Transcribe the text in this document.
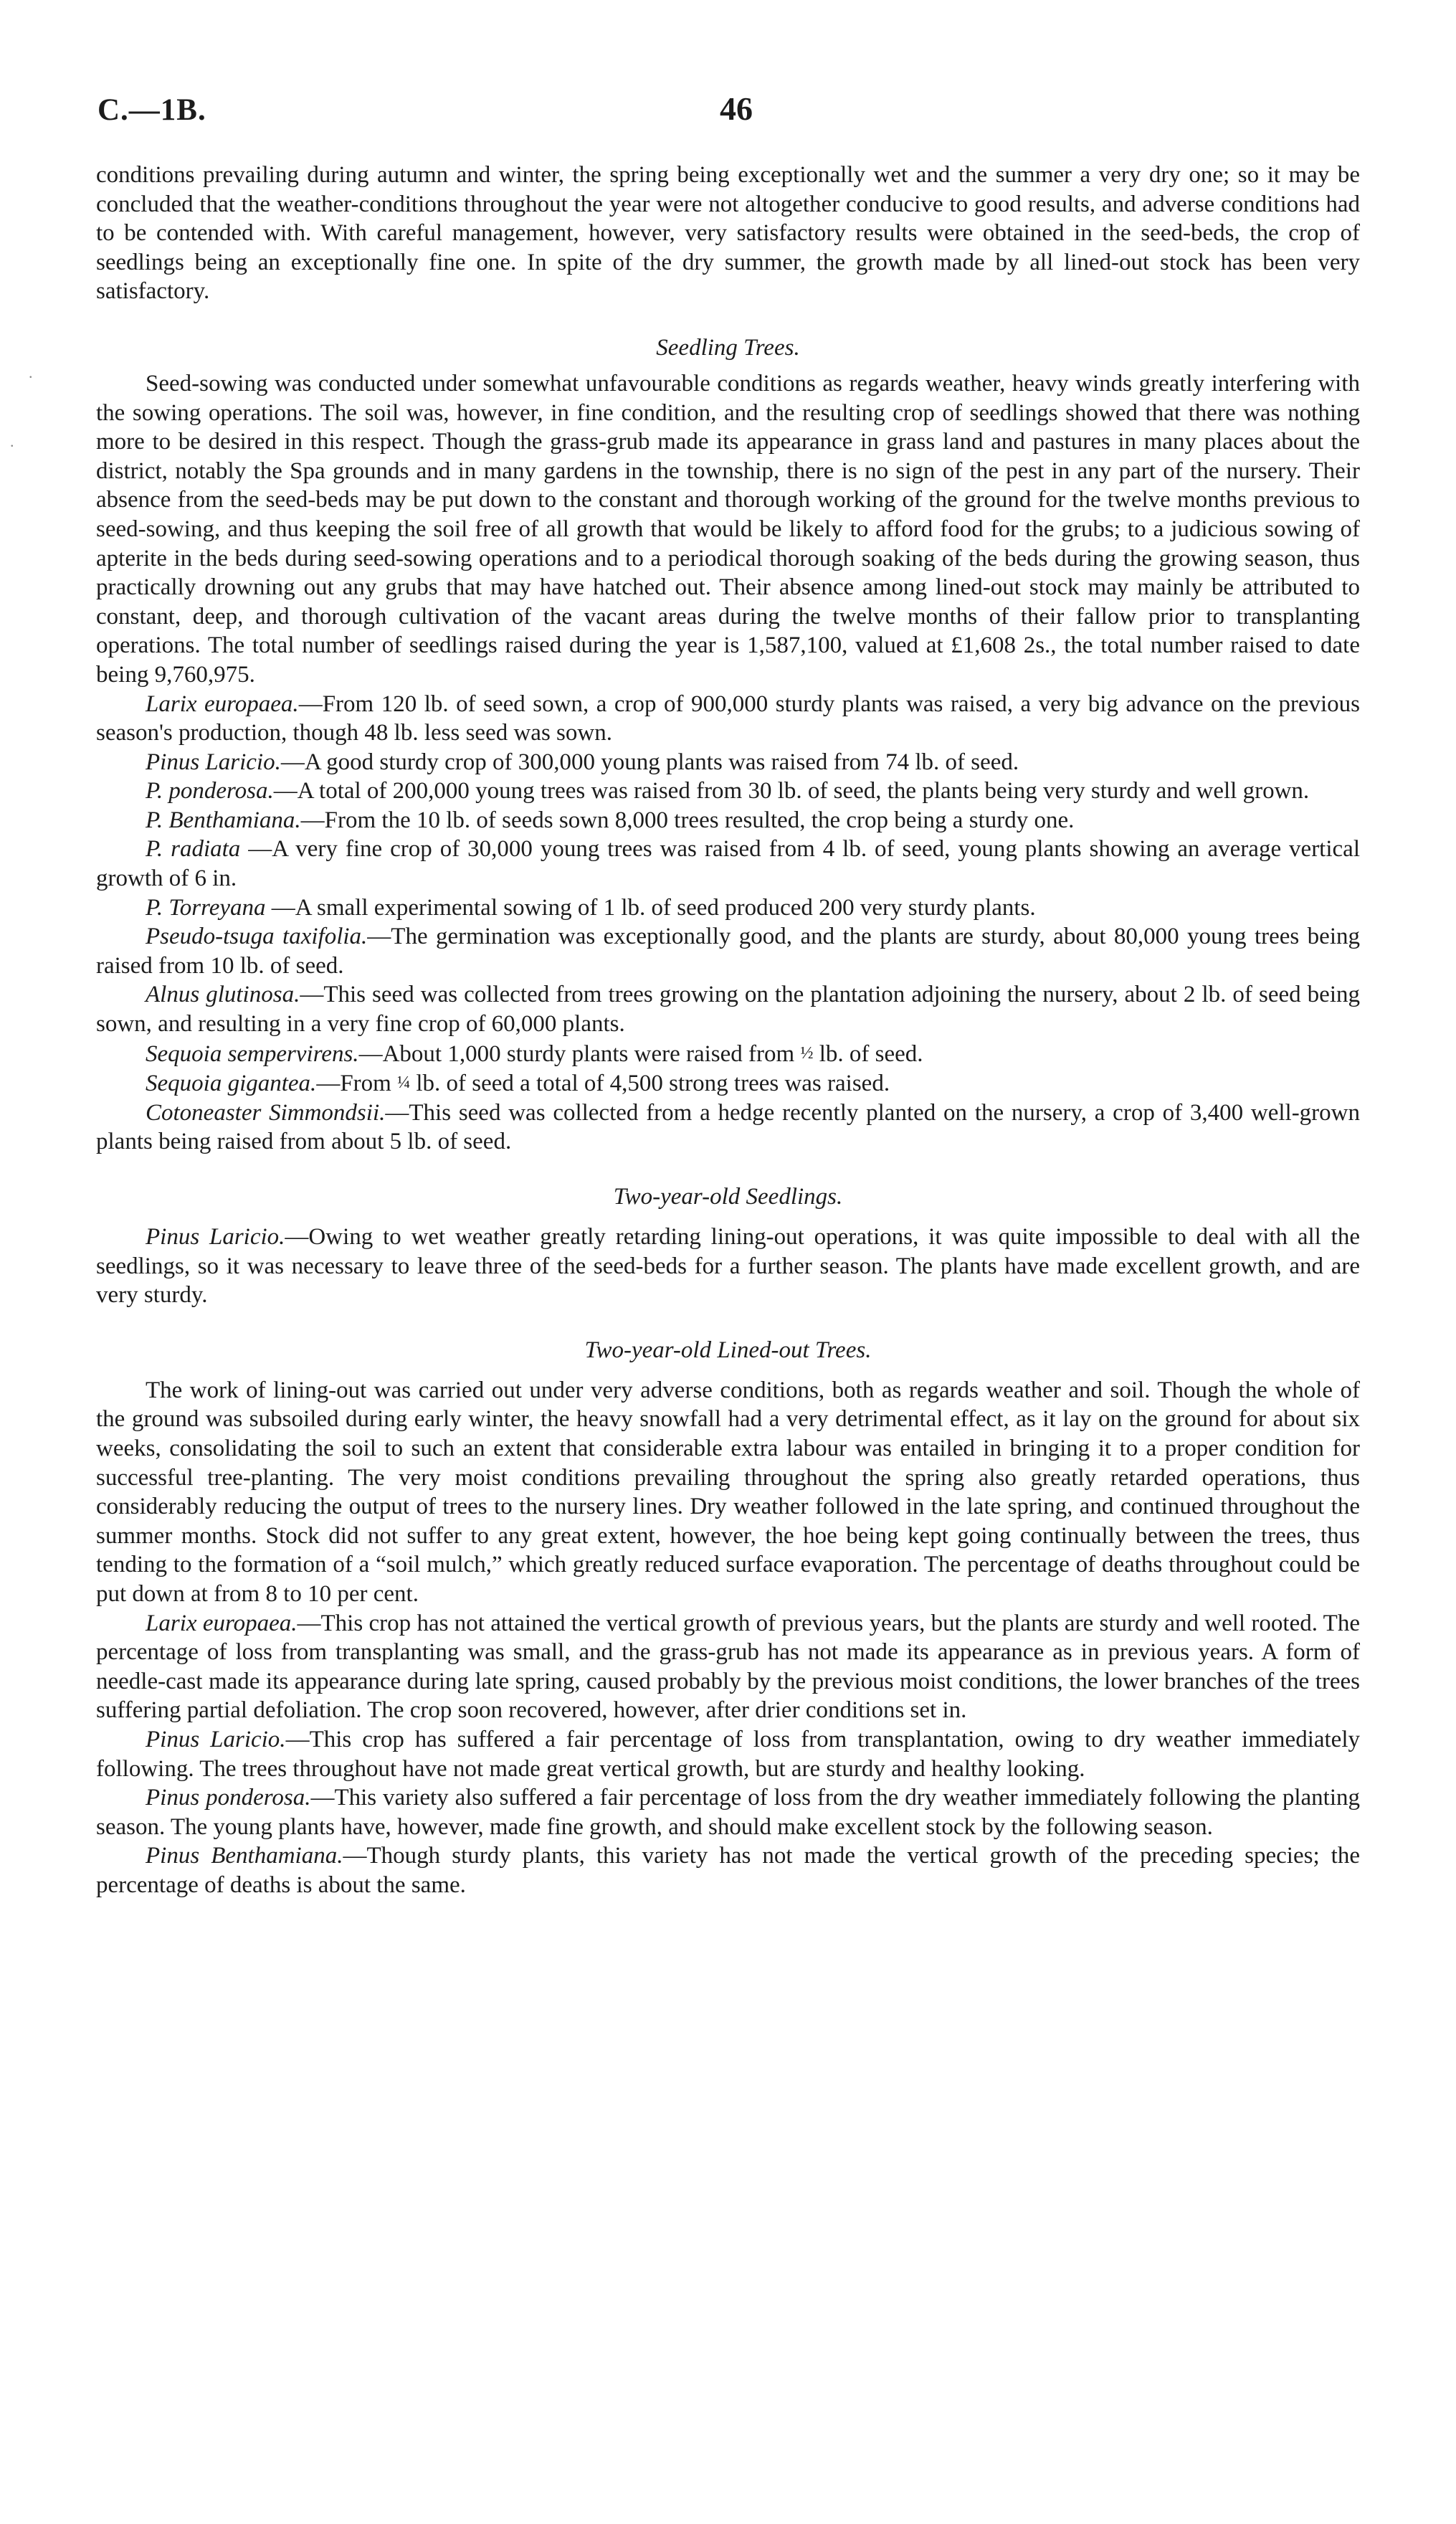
C.—1B.	46
.
.

conditions prevailing during autumn and winter, the spring being exceptionally wet and the summer a very dry one; so it may be concluded that the weather-conditions throughout the year were not altogether conducive to good results, and adverse conditions had to be contended with. With careful management, however, very satisfactory results were obtained in the seed-beds, the crop of seedlings being an exceptionally fine one. In spite of the dry summer, the growth made by all lined-out stock has been very satisfactory.

Seedling Trees.

Seed-sowing was conducted under somewhat unfavourable conditions as regards weather, heavy winds greatly interfering with the sowing operations. The soil was, however, in fine condition, and the resulting crop of seedlings showed that there was nothing more to be desired in this respect. Though the grass-grub made its appearance in grass land and pastures in many places about the district, notably the Spa grounds and in many gardens in the township, there is no sign of the pest in any part of the nursery. Their absence from the seed-beds may be put down to the constant and thorough working of the ground for the twelve months previous to seed-sowing, and thus keeping the soil free of all growth that would be likely to afford food for the grubs; to a judicious sowing of apterite in the beds during seed-sowing operations and to a periodical thorough soaking of the beds during the growing season, thus practically drowning out any grubs that may have hatched out. Their absence among lined-out stock may mainly be attributed to constant, deep, and thorough cultivation of the vacant areas during the twelve months of their fallow prior to transplanting operations. The total number of seedlings raised during the year is 1,587,100, valued at £1,608 2s., the total number raised to date being 9,760,975.

Larix europaea.—From 120 lb. of seed sown, a crop of 900,000 sturdy plants was raised, a very big advance on the previous season's production, though 48 lb. less seed was sown.

Pinus Laricio.—A good sturdy crop of 300,000 young plants was raised from 74 lb. of seed.

P. ponderosa.—A total of 200,000 young trees was raised from 30 lb. of seed, the plants being very sturdy and well grown.

P. Benthamiana.—From the 10 lb. of seeds sown 8,000 trees resulted, the crop being a sturdy one.

P. radiata —A very fine crop of 30,000 young trees was raised from 4 lb. of seed, young plants showing an average vertical growth of 6 in.

P. Torreyana —A small experimental sowing of 1 lb. of seed produced 200 very sturdy plants.

Pseudo-tsuga taxifolia.—The germination was exceptionally good, and the plants are sturdy, about 80,000 young trees being raised from 10 lb. of seed.

Alnus glutinosa.—This seed was collected from trees growing on the plantation adjoining the nursery, about 2 lb. of seed being sown, and resulting in a very fine crop of 60,000 plants.

Sequoia sempervirens.—About 1,000 sturdy plants were raised from ½ lb. of seed.

Sequoia gigantea.—From ¼ lb. of seed a total of 4,500 strong trees was raised.

Cotoneaster Simmondsii.—This seed was collected from a hedge recently planted on the nursery, a crop of 3,400 well-grown plants being raised from about 5 lb. of seed.

Two-year-old Seedlings.

Pinus Laricio.—Owing to wet weather greatly retarding lining-out operations, it was quite impossible to deal with all the seedlings, so it was necessary to leave three of the seed-beds for a further season. The plants have made excellent growth, and are very sturdy.

Two-year-old Lined-out Trees.

The work of lining-out was carried out under very adverse conditions, both as regards weather and soil. Though the whole of the ground was subsoiled during early winter, the heavy snowfall had a very detrimental effect, as it lay on the ground for about six weeks, consolidating the soil to such an extent that considerable extra labour was entailed in bringing it to a proper condition for successful tree-planting. The very moist conditions prevailing throughout the spring also greatly retarded operations, thus considerably reducing the output of trees to the nursery lines. Dry weather followed in the late spring, and continued throughout the summer months. Stock did not suffer to any great extent, however, the hoe being kept going continually between the trees, thus tending to the formation of a “soil mulch,” which greatly reduced surface evaporation. The percentage of deaths throughout could be put down at from 8 to 10 per cent.

Larix europaea.—This crop has not attained the vertical growth of previous years, but the plants are sturdy and well rooted. The percentage of loss from transplanting was small, and the grass-grub has not made its appearance as in previous years. A form of needle-cast made its appearance during late spring, caused probably by the previous moist conditions, the lower branches of the trees suffering partial defoliation. The crop soon recovered, however, after drier conditions set in.

Pinus Laricio.—This crop has suffered a fair percentage of loss from transplantation, owing to dry weather immediately following. The trees throughout have not made great vertical growth, but are sturdy and healthy looking.

Pinus ponderosa.—This variety also suffered a fair percentage of loss from the dry weather immediately following the planting season. The young plants have, however, made fine growth, and should make excellent stock by the following season.

Pinus Benthamiana.—Though sturdy plants, this variety has not made the vertical growth of the preceding species; the percentage of deaths is about the same.
